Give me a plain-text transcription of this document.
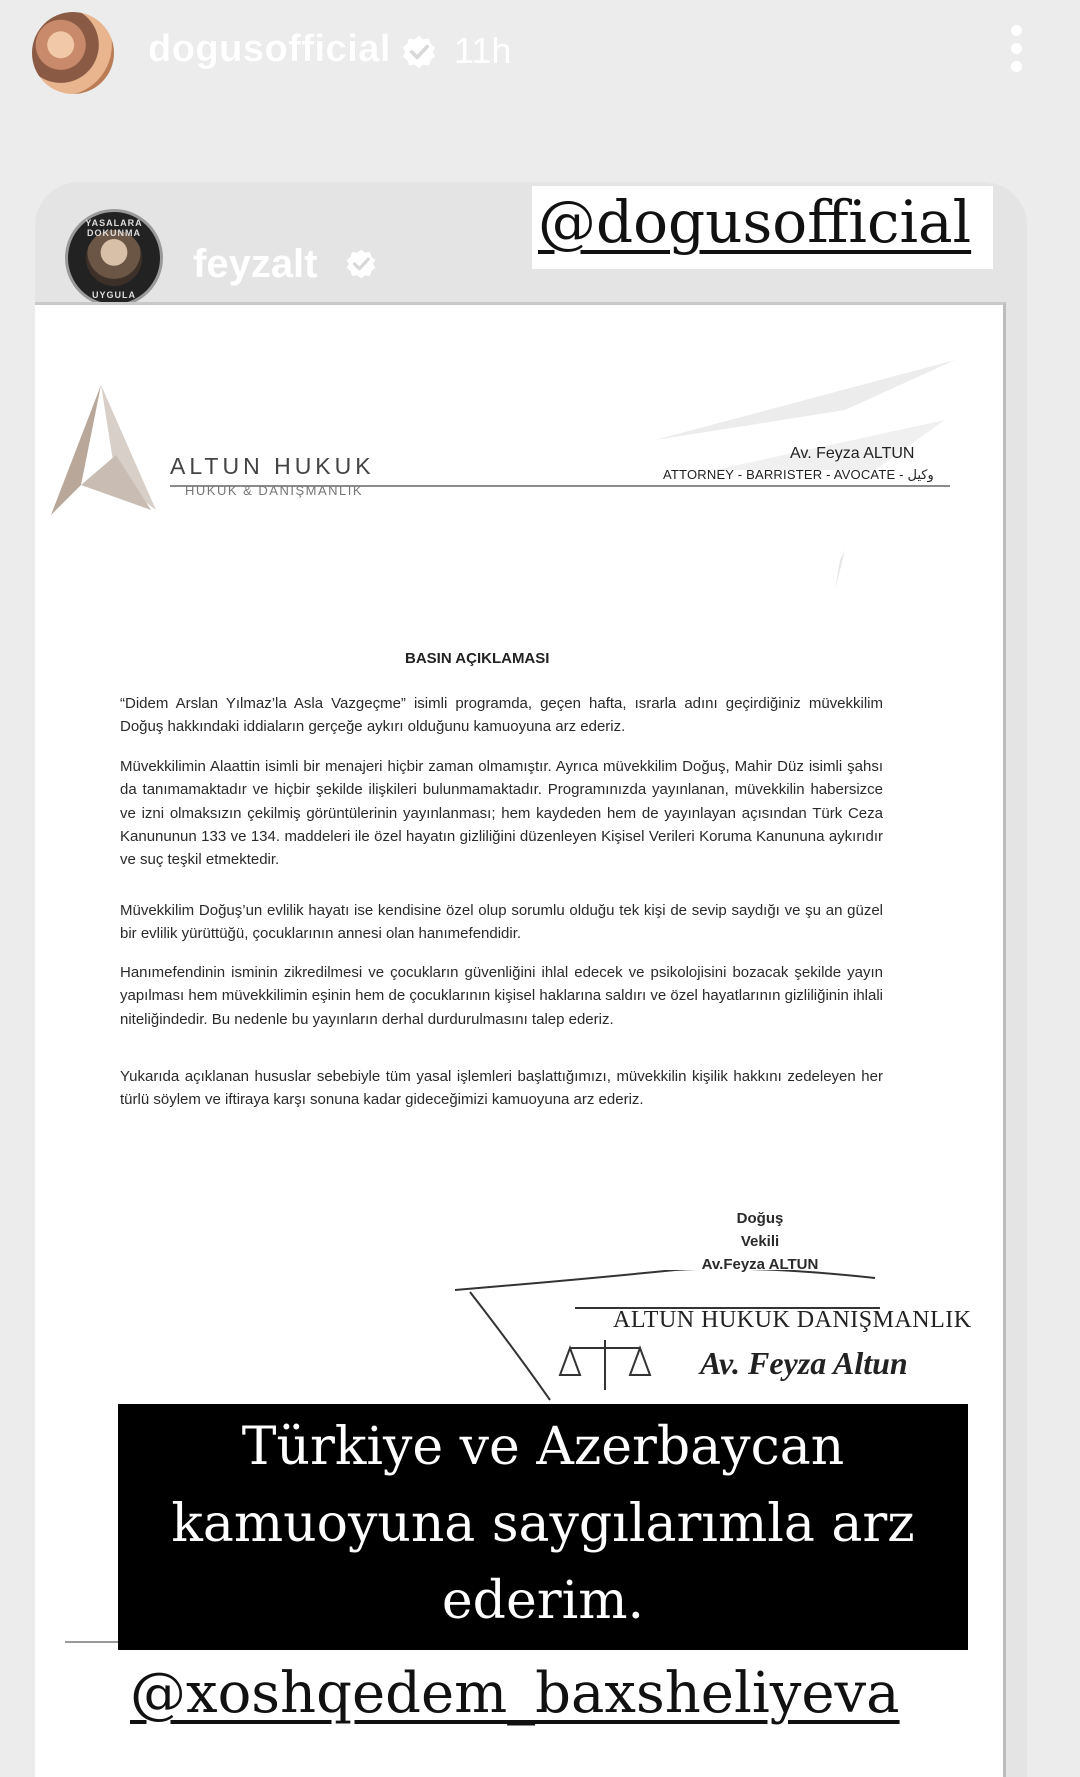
dogusofficial 11h
YASALARA DOKUNMA
UYGULA
feyzalt
ALTUN HUKUK
HUKUK & DANIŞMANLIK
Av. Feyza ALTUN
ATTORNEY - BARRISTER - AVOCATE - وکیل
BASIN AÇIKLAMASI
“Didem Arslan Yılmaz’la Asla Vazgeçme” isimli programda, geçen hafta, ısrarla adını geçirdiğiniz müvekkilim Doğuş hakkındaki iddiaların gerçeğe aykırı olduğunu kamuoyuna arz ederiz.
Müvekkilimin Alaattin isimli bir menajeri hiçbir zaman olmamıştır. Ayrıca müvekkilim Doğuş, Mahir Düz isimli şahsı da tanımamaktadır ve hiçbir şekilde ilişkileri bulunmamaktadır. Programınızda yayınlanan, müvekkilin habersizce ve izni olmaksızın çekilmiş görüntülerinin yayınlanması; hem kaydeden hem de yayınlayan açısından Türk Ceza Kanununun 133 ve 134. maddeleri ile özel hayatın gizliliğini düzenleyen Kişisel Verileri Koruma Kanununa aykırıdır ve suç teşkil etmektedir.
Müvekkilim Doğuş’un evlilik hayatı ise kendisine özel olup sorumlu olduğu tek kişi de sevip saydığı ve şu an güzel bir evlilik yürüttüğü, çocuklarının annesi olan hanımefendidir.
Hanımefendinin isminin zikredilmesi ve çocukların güvenliğini ihlal edecek ve psikolojisini bozacak şekilde yayın yapılması hem müvekkilimin eşinin hem de çocuklarının kişisel haklarına saldırı ve özel hayatlarının gizliliğinin ihlali niteliğindedir. Bu nedenle bu yayınların derhal durdurulmasını talep ederiz.
Yukarıda açıklanan hususlar sebebiyle tüm yasal işlemleri başlattığımızı, müvekkilin kişilik hakkını zedeleyen her türlü söylem ve iftiraya karşı sonuna kadar gideceğimizi kamuoyuna arz ederiz.
Doğuş
Vekili
Av.Feyza ALTUN
ALTUN HUKUK DANIŞMANLIK
Av. Feyza Altun
@dogusofficial
Türkiye ve Azerbaycan
kamuoyuna saygılarımla arz
ederim.
@xoshqedem_baxsheliyeva
